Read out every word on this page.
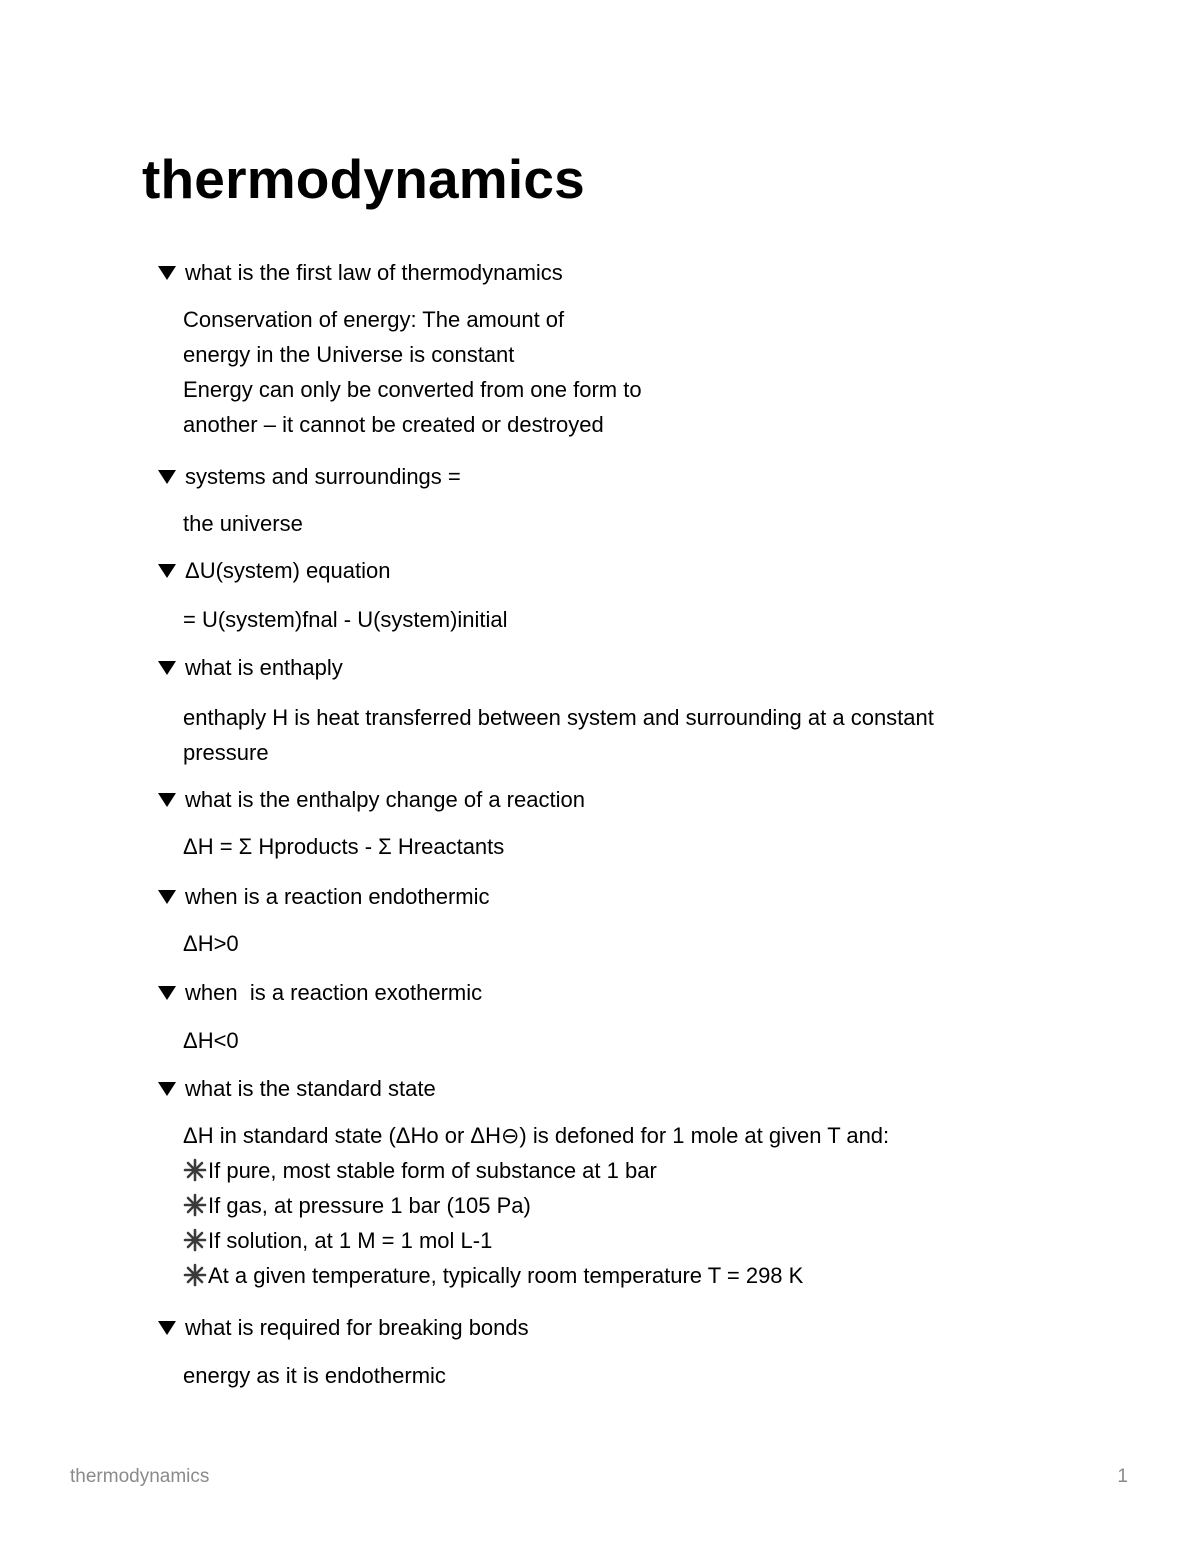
thermodynamics
what is the first law of thermodynamics

Conservation of energy: The amount of

energy in the Universe is constant

Energy can only be converted from one form to

another – it cannot be created or destroyed

systems and surroundings =

the universe

ΔU(system) equation

= U(system)fnal - U(system)initial

what is enthaply

enthaply H is heat transferred between system and surrounding at a constant

pressure

what is the enthalpy change of a reaction

ΔH = Σ Hproducts - Σ Hreactants

when is a reaction endothermic

ΔH>0

when  is a reaction exothermic

ΔH<0

what is the standard state

ΔH in standard state (ΔHo or ΔH⊖) is defoned for 1 mole at given T and:

If pure, most stable form of substance at 1 bar

If gas, at pressure 1 bar (105 Pa)

If solution, at 1 M = 1 mol L-1

At a given temperature, typically room temperature T = 298 K

what is required for breaking bonds

energy as it is endothermic

thermodynamics	1
